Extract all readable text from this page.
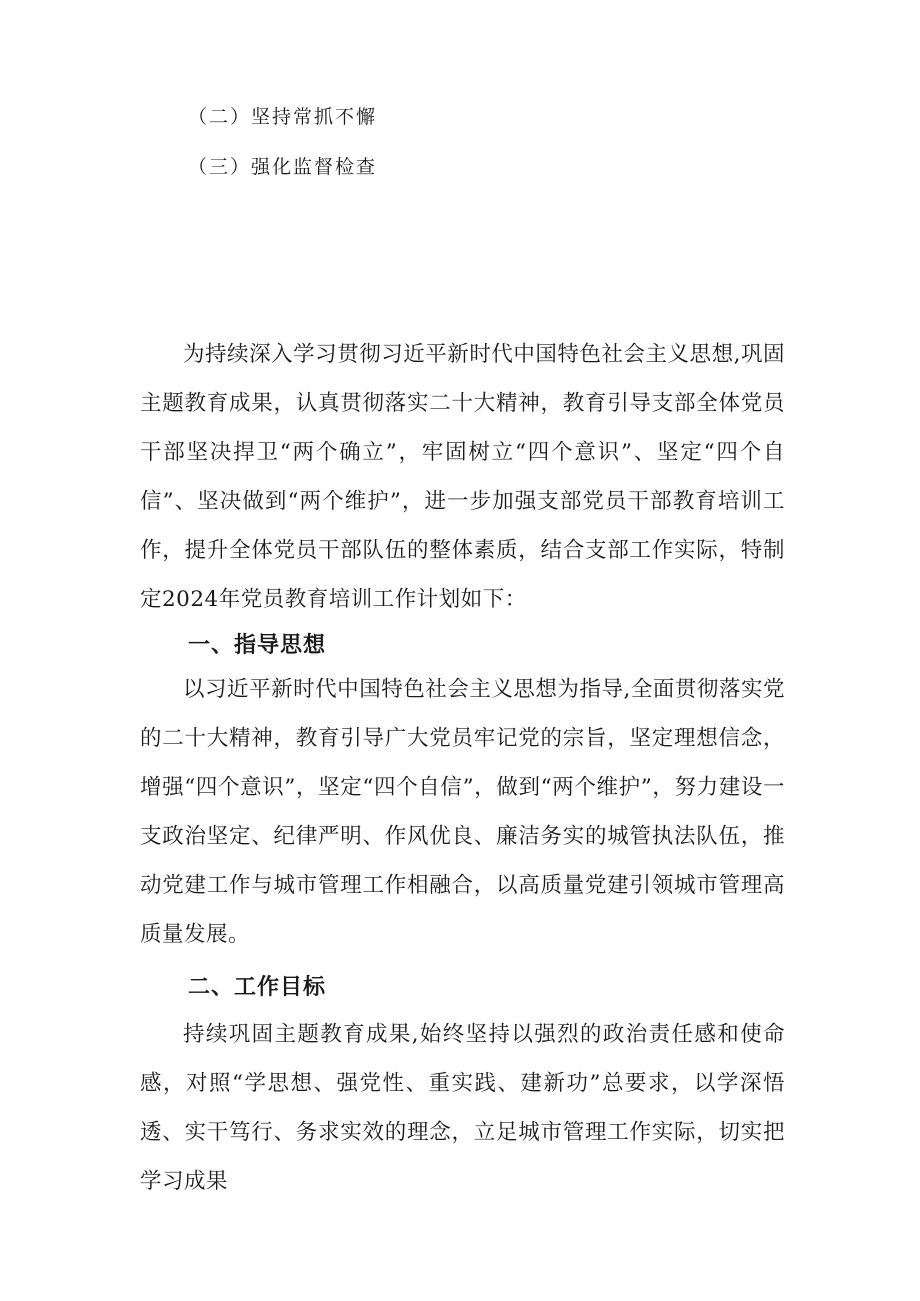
（二）坚持常抓不懈
（三）强化监督检查

为持续深入学习贯彻习近平新时代中国特色社会主义思想,巩固主题教育成果，认真贯彻落实二十大精神，教育引导支部全体党员干部坚决捍卫“两个确立”，牢固树立“四个意识”、坚定“四个自信”、坚决做到“两个维护”，进一步加强支部党员干部教育培训工作，提升全体党员干部队伍的整体素质，结合支部工作实际，特制定2024年党员教育培训工作计划如下：

一、指导思想

以习近平新时代中国特色社会主义思想为指导,全面贯彻落实党的二十大精神，教育引导广大党员牢记党的宗旨，坚定理想信念，增强“四个意识”，坚定“四个自信”，做到“两个维护”，努力建设一支政治坚定、纪律严明、作风优良、廉洁务实的城管执法队伍，推动党建工作与城市管理工作相融合，以高质量党建引领城市管理高质量发展。

二、工作目标

持续巩固主题教育成果,始终坚持以强烈的政治责任感和使命感，对照“学思想、强党性、重实践、建新功”总要求，以学深悟透、实干笃行、务求实效的理念，立足城市管理工作实际，切实把学习成果
